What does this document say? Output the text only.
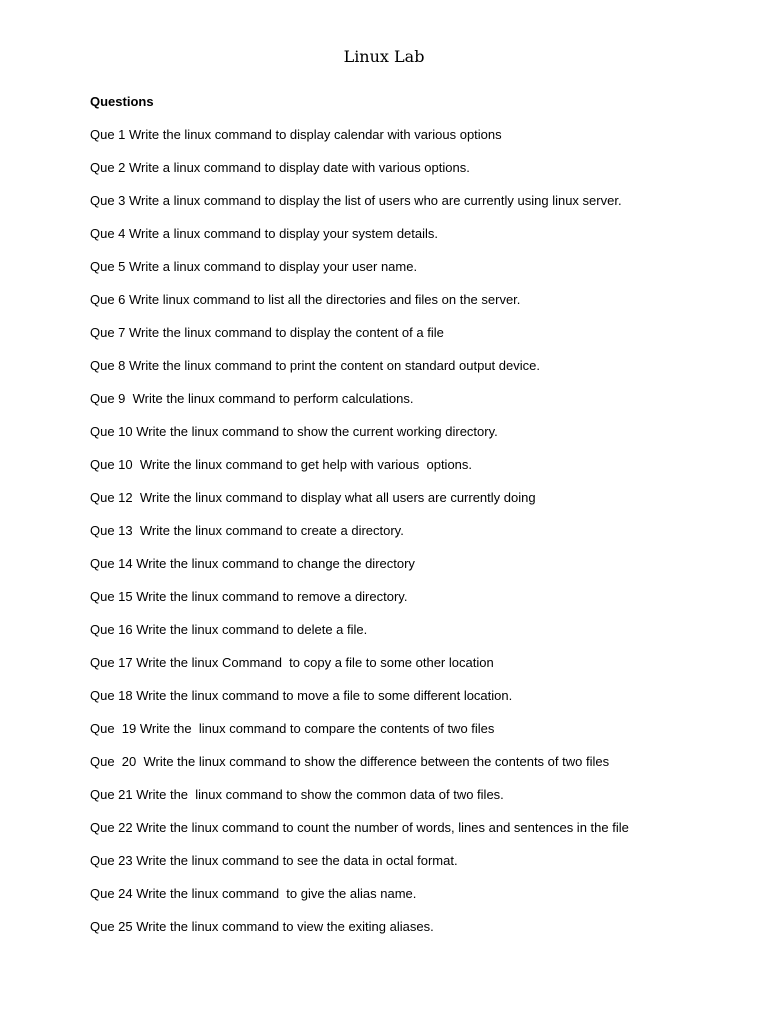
Linux Lab

Questions

Que 1 Write the linux command to display calendar with various options
Que 2 Write a linux command to display date with various options.
Que 3 Write a linux command to display the list of users who are currently using linux server.
Que 4 Write a linux command to display your system details.
Que 5 Write a linux command to display your user name.
Que 6 Write linux command to list all the directories and files on the server.
Que 7 Write the linux command to display the content of a file
Que 8 Write the linux command to print the content on standard output device.
Que 9  Write the linux command to perform calculations.
Que 10 Write the linux command to show the current working directory.
Que 10  Write the linux command to get help with various  options.
Que 12  Write the linux command to display what all users are currently doing
Que 13  Write the linux command to create a directory.
Que 14 Write the linux command to change the directory
Que 15 Write the linux command to remove a directory.
Que 16 Write the linux command to delete a file.
Que 17 Write the linux Command  to copy a file to some other location
Que 18 Write the linux command to move a file to some different location.
Que  19 Write the  linux command to compare the contents of two files
Que  20  Write the linux command to show the difference between the contents of two files
Que 21 Write the  linux command to show the common data of two files.
Que 22 Write the linux command to count the number of words, lines and sentences in the file
Que 23 Write the linux command to see the data in octal format.
Que 24 Write the linux command  to give the alias name.
Que 25 Write the linux command to view the exiting aliases.
